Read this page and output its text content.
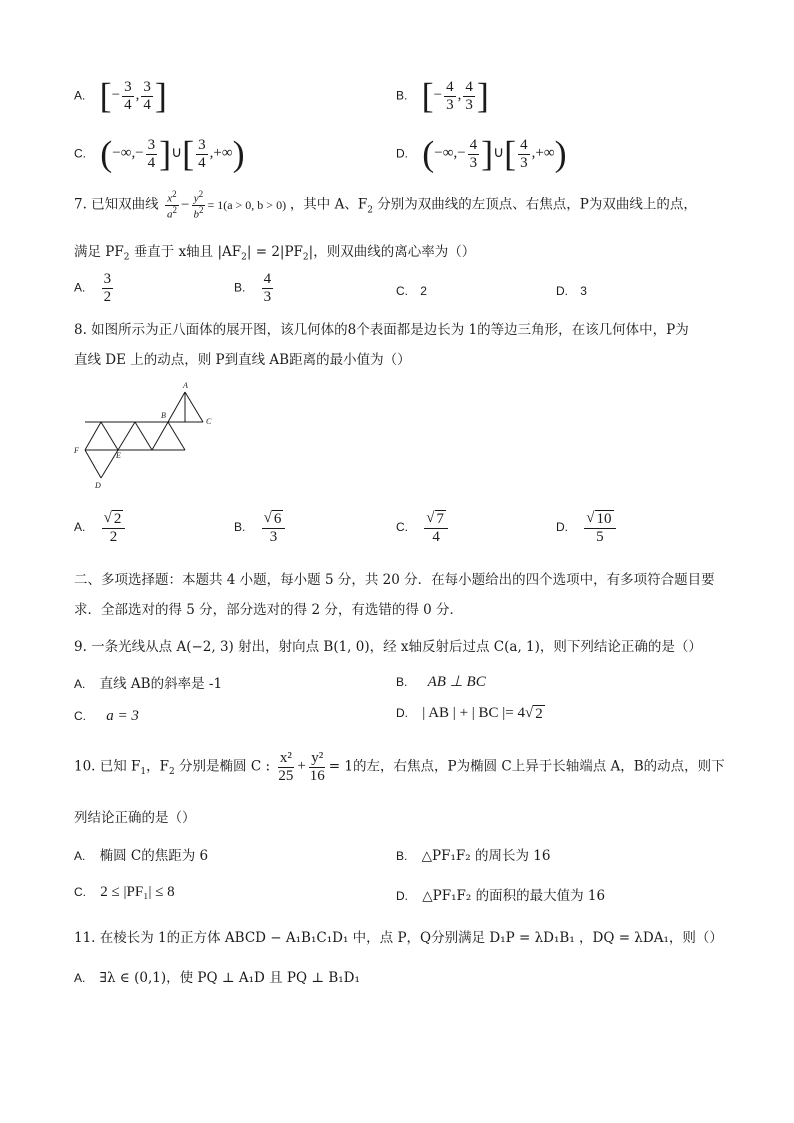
A. [− $\frac{3}{4}$ , $\frac{3}{4}$ ]	B. [− $\frac{4}{3}$ , $\frac{4}{3}$ ]
C. (−∞,− $\frac{3}{4}$ ]∪[ $\frac{3}{4}$ ,+∞)	D. (−∞,− $\frac{4}{3}$ ]∪[ $\frac{4}{3}$ ,+∞)
7. 已知双曲线 $\frac{x^2}{a^2} - \frac{y^2}{b^2} = 1(a > 0$, b > 0) ，其中 A、$F_2$ 分别为双曲线的左顶点、右焦点，P为双曲线上的点，
满足 $PF_2$ 垂直于 x轴且 $|AF_2| = 2|PF_2|$，则双曲线的离心率为（）
A. $\frac{3}{2}$	B. $\frac{4}{3}$	C. 2	D. 3
8. 如图所示为正八面体的展开图，该几何体的8个表面都是边长为 1的等边三角形，在该几何体中，P为
直线 DE 上的动点，则 P到直线 AB距离的最小值为（）
A
B
C
F
E
D
A. $\frac{√ 2}{2}$	B. $\frac{√ 6}{3}$	C. $\frac{√ 7}{4}$	D. $\frac{√ 10}{5}$
二、多项选择题：本题共 4 小题，每小题 5 分，共 20 分．在每小题给出的四个选项中，有多项符合题目要
求．全部选对的得 5 分，部分选对的得 2 分，有选错的得 0 分．
9. 一条光线从点 A(−2, 3) 射出，射向点 B(1, 0)，经 x轴反射后过点 C(a, 1)，则下列结论正确的是（）
A. 直线 AB的斜率是 -1	B. AB ⊥ BC
C. a = 3	D. | AB | + | BC |= 4√ 2
10. 已知 $F_1$，$F_2$ 分别是椭圆 C : $\frac{\text{x²}}{25} + \frac{\text{y²}}{16} = 1$的左，右焦点，P为椭圆 C上异于长轴端点 A，B的动点，则下
列结论正确的是（）
A. 椭圆 C的焦距为 6	B. △PF₁F₂ 的周长为 16
C. 2 ≤ |PF₁| ≤ 8	D. △PF₁F₂ 的面积的最大值为 16
11. 在棱长为 1的正方体 ABCD − A₁B₁C₁D₁ 中，点 P，Q分别满足 D₁P = λD₁B₁ ，DQ = λDA₁，则（）
A. ∃λ ∈ (0,1)，使 PQ ⊥ A₁D 且 PQ ⊥ B₁D₁
